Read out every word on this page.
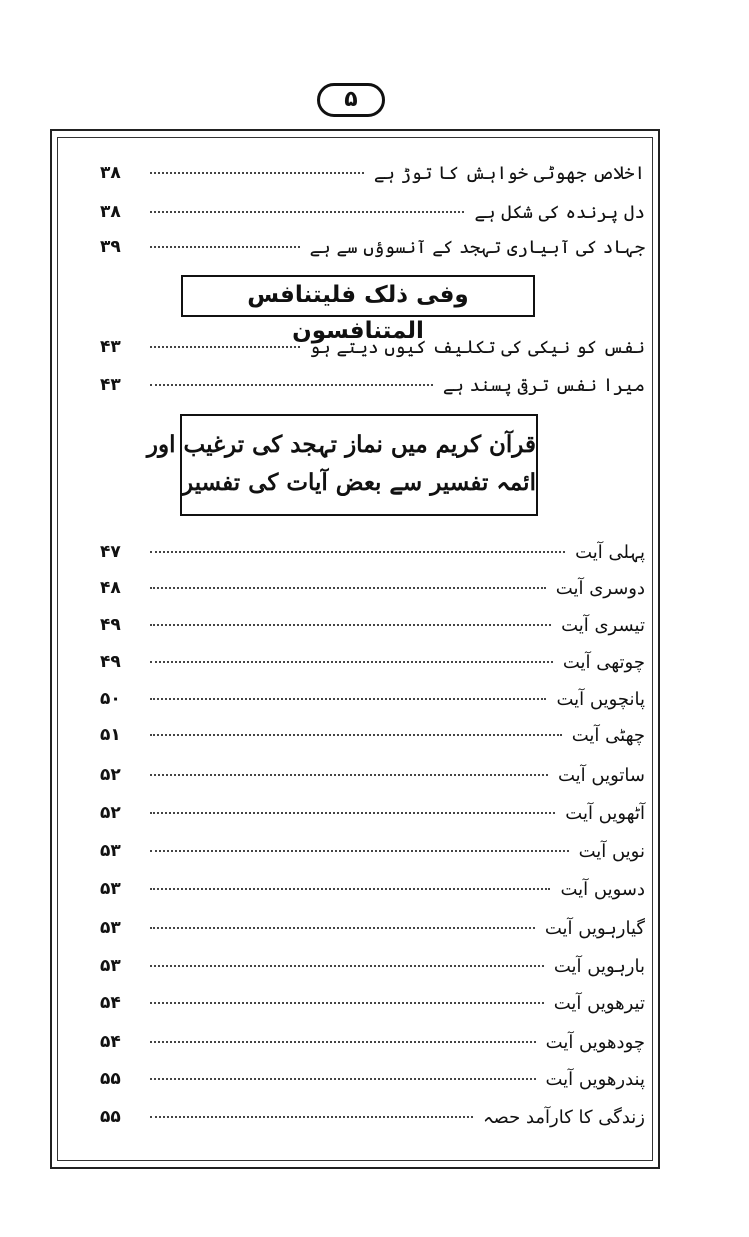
۵
اخلاص جھوٹی خواہش کا توڑ ہے
۳۸
دل پرندہ کی شکل ہے
۳۸
جہاد کی آبیاری تہجد کے آنسوؤں سے ہے
۳۹
وفی ذلک فلیتنافس المتنافسون
نفس کو نیکی کی تکلیف کیوں دیتے ہو
۴۳
میرا نفس ترقی پسند ہے
۴۳
قرآن کریم میں نماز تہجد کی ترغیب اور
ائمہ تفسیر سے بعض آیات کی تفسیر
پہلی آیت
۴۷
دوسری آیت
۴۸
تیسری آیت
۴۹
چوتھی آیت
۴۹
پانچویں آیت
۵۰
چھٹی آیت
۵۱
ساتویں آیت
۵۲
آٹھویں آیت
۵۲
نویں آیت
۵۳
دسویں آیت
۵۳
گیارہویں آیت
۵۳
بارہویں آیت
۵۳
تیرھویں آیت
۵۴
چودھویں آیت
۵۴
پندرھویں آیت
۵۵
زندگی کا کارآمد حصہ
۵۵
